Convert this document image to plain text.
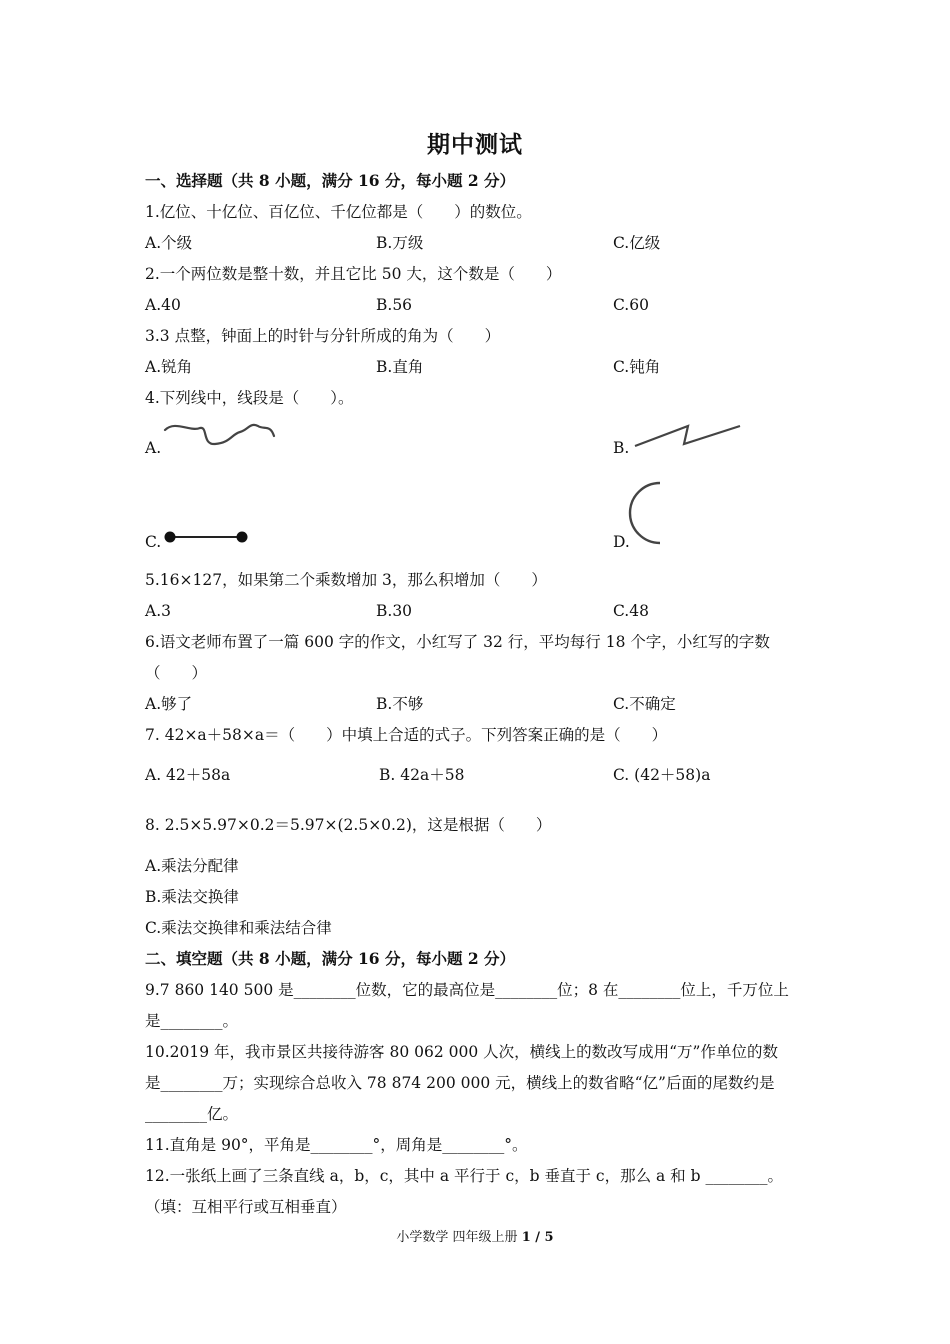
期中测试
一、选择题（共 8 小题，满分 16 分，每小题 2 分）
1.亿位、十亿位、百亿位、千亿位都是（　　）的数位。
A.个级	B.万级	C.亿级
2.一个两位数是整十数，并且它比 50 大，这个数是（　　）
A.40	B.56	C.60
3.3 点整，钟面上的时针与分针所成的角为（　　）
A.锐角	B.直角	C.钝角
4.下列线中，线段是（　　）。
A.	B.
C.	D.
5.16×127，如果第二个乘数增加 3，那么积增加（　　）
A.3	B.30	C.48
6.语文老师布置了一篇 600 字的作文，小红写了 32 行，平均每行 18 个字，小红写的字数
（　　）
A.够了	B.不够	C.不确定
7. 42×a＋58×a＝（　　）中填上合适的式子。下列答案正确的是（　　）
A. 42＋58a	B. 42a＋58	C. (42＋58)a
8. 2.5×5.97×0.2＝5.97×(2.5×0.2)，这是根据（　　）
A.乘法分配律
B.乘法交换律
C.乘法交换律和乘法结合律
二、填空题（共 8 小题，满分 16 分，每小题 2 分）
9.7 860 140 500 是________位数，它的最高位是________位；8 在________位上，千万位上
是________。
10.2019 年，我市景区共接待游客 80 062 000 人次，横线上的数改写成用“万”作单位的数
是________万；实现综合总收入 78 874 200 000 元，横线上的数省略“亿”后面的尾数约是
________亿。
11.直角是 90°，平角是________°，周角是________°。
12.一张纸上画了三条直线 a，b，c，其中 a 平行于 c，b 垂直于 c，那么 a 和 b ________。
（填：互相平行或互相垂直）
小学数学 四年级上册 1 / 5
